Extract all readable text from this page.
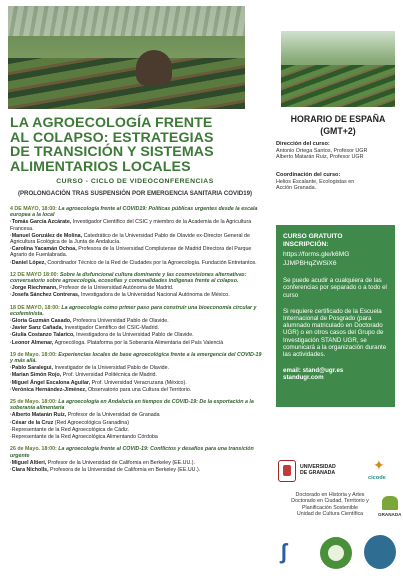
LA AGROECOLOGÍA FRENTE
AL COLAPSO: ESTRATEGIAS
DE TRANSICIÓN Y SISTEMAS
ALIMENTARIOS LOCALES
CURSO - CICLO DE VIDEOCONFERENCIAS
(PROLONGACIÓN TRAS SUSPENSIÓN POR EMERGENCIA SANITARIA COVID19)
4 DE MAYO, 18:00: La agroecología frente al COVID19: Políticas públicas urgentes desde la escala europea a la local
·Tomás García Azcárate, Investigador Científico del CSIC y miembro de la Academia de la Agricultura Francesa.
·Manuel González de Molina, Catedrático de la Universidad Pablo de Olavide ex-Director General de Agricultura Ecológica de la Junta de Andalucía.
·Carolina Yacamán Ochoa, Profesora de la Universidad Complutense de Madrid Directora del Parque Agrario de Fuenlabrada.
·Daniel López, Coordinador Técnico de la Red de Ciudades por la Agroecología. Fundación Entretantos.
12 DE MAYO 18:00: Sobre la disfuncional cultura dominante y las cosmovisiones alternativas: conversatorio sobre agroecología, ecosofías y comunalidades indígenas frente al colapso.
·Jorge Riechmann, Profesor de la Universidad Autónoma de Madrid.
·Josefa Sánchez Contreras, Investigadora de la Universidad Nacional Autónoma de México.
18 DE MAYO, 18:00: La agroecología como primer paso para construir una bioeconomía circular y ecofeminista.
·Gloria Guzmán Casado, Profesora Universidad Pablo de Olavide.
·Javier Sanz Cañada, Investigador Científico del CSIC-Madrid.
·Giulia Costanzo Talarico, Investigadora de la Universidad Pablo de Olavide.
·Leonor Almenar, Agroecóloga. Plataforma por la Soberanía Alimentaria del País Valencià
19 de Mayo. 18:00: Experiencias locales de base agroecológica frente a la emergencia del COVID-19 y más allá.
·Pablo Saralegui, Investigador de la Universidad Pablo de Olavide.
·Marian Simón Rojo, Prof. Universidad Politécnica de Madrid.
·Miguel Ángel Escalona Aguilar, Prof. Universidad Veracruzana (México).
·Verónica Hernández-Jiménez, Observatorio para una Cultura del Territorio.
25 de Mayo. 18:00: La agroecología en Andalucía en tiempos de COVID-19: De la exportación a la soberanía alimentaria
·Alberto Matarán Ruiz, Profesor de la Universidad de Granada
·César de la Cruz (Red Agroecológica Granadina)
·Representante de la Red Agroecológica de Cádiz.
·Representante de la Red Agroecológica Alimentando Córdoba
26 de Mayo. 18:00: La agroecología frente al COVID-19: Conflictos y desafíos para una transición urgente
·Miguel Altieri, Profesor de la Universidad de California en Berkeley (EE.UU.).
·Clara Nicholls, Profesora de la Universidad de California en Berkeley (EE.UU.).
HORARIO DE ESPAÑA
(GMT+2)
Dirección del curso:
Antonio Ortega Santos, Profesor UGR
Alberto Matarán Ruiz, Profesor UGR
Coordinación del curso:
Helios Escalante, Ecologistas en
Acción Granada.
CURSO GRATUITO
INSCRIPCIÓN:
https://forms.gle/k6MG
JJMPBHqZWSiX6

Se puede acudir a cualquiera de las conferencias por separado o a todo el curso

Si requiere certificado de la Escuela Internacional de Posgrado (para alumnado matriculado en Doctorado UGR) o en otros casos del Grupo de Investigación STAND UGR, se comunicará a la organización durante las actividades.

email: stand@ugr.es
standugr.com

UNIVERSIDAD
DE GRANADA
✦
cicode
Doctorado en Historia y Artes
Doctorado en Ciudad, Territorio y
Planificación Sostenible
Unidad de Cultura Científica	GRANADA
ʃ
